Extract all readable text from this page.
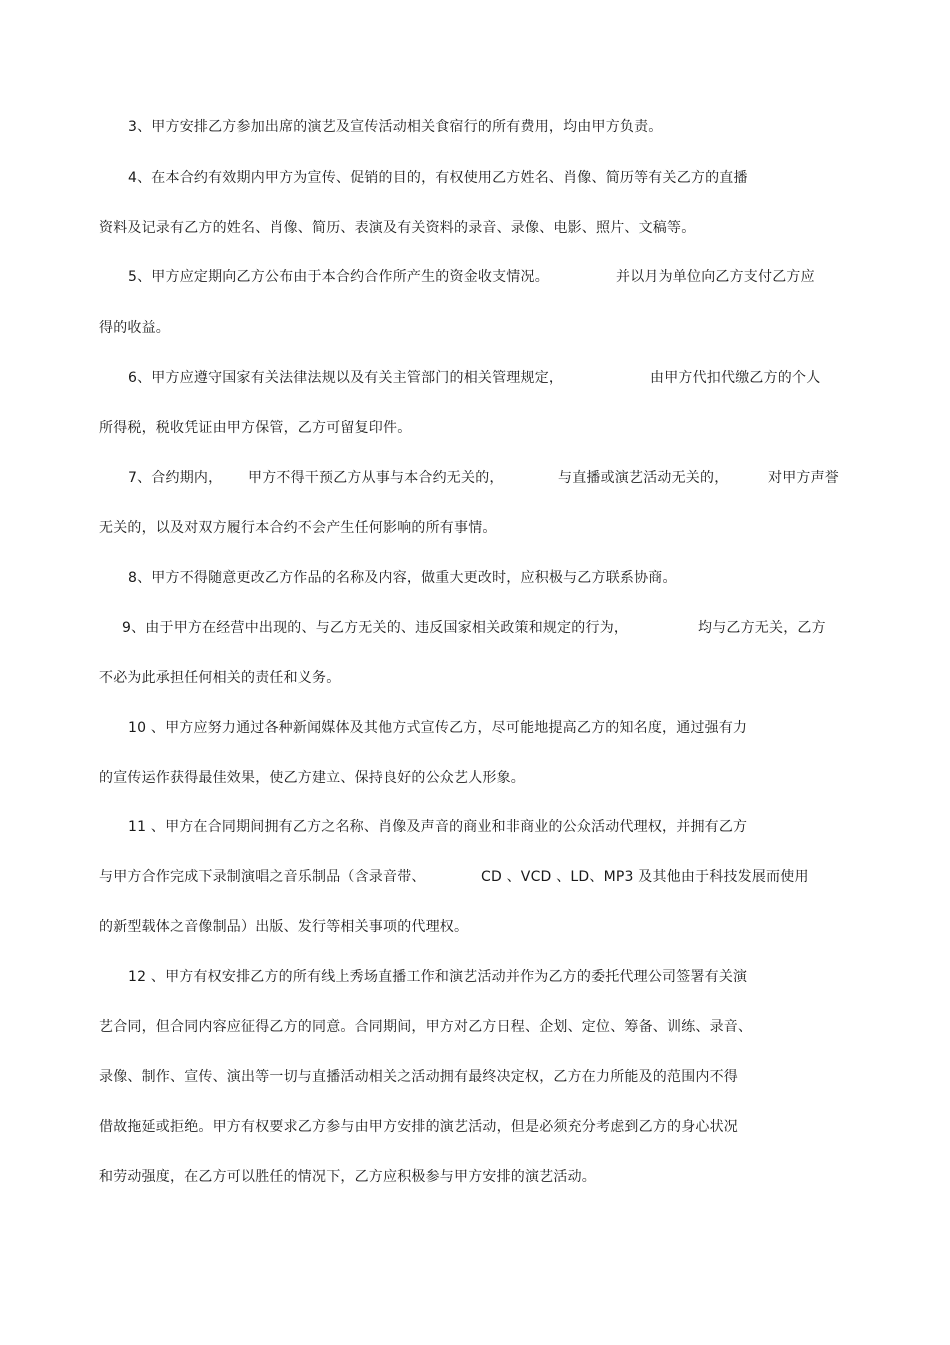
3、甲方安排乙方参加出席的演艺及宣传活动相关食宿行的所有费用，均由甲方负责。
4、在本合约有效期内甲方为宣传、促销的目的，有权使用乙方姓名、肖像、简历等有关乙方的直播
资料及记录有乙方的姓名、肖像、简历、表演及有关资料的录音、录像、电影、照片、文稿等。
5、甲方应定期向乙方公布由于本合约合作所产生的资金收支情况。	并以月为单位向乙方支付乙方应
得的收益。
6、甲方应遵守国家有关法律法规以及有关主管部门的相关管理规定，	由甲方代扣代缴乙方的个人
所得税，税收凭证由甲方保管，乙方可留复印件。
7、合约期内， 甲方不得干预乙方从事与本合约无关的，	与直播或演艺活动无关的，	对甲方声誉
无关的，以及对双方履行本合约不会产生任何影响的所有事情。
8、甲方不得随意更改乙方作品的名称及内容，做重大更改时，应积极与乙方联系协商。
9、由于甲方在经营中出现的、与乙方无关的、违反国家相关政策和规定的行为，	均与乙方无关，乙方
不必为此承担任何相关的责任和义务。
10 、甲方应努力通过各种新闻媒体及其他方式宣传乙方，尽可能地提高乙方的知名度，通过强有力
的宣传运作获得最佳效果，使乙方建立、保持良好的公众艺人形象。
11 、甲方在合同期间拥有乙方之名称、肖像及声音的商业和非商业的公众活动代理权，并拥有乙方
与甲方合作完成下录制演唱之音乐制品（含录音带、	CD 、VCD 、LD、MP3 及其他由于科技发展而使用
的新型载体之音像制品）出版、发行等相关事项的代理权。
12 、甲方有权安排乙方的所有线上秀场直播工作和演艺活动并作为乙方的委托代理公司签署有关演
艺合同，但合同内容应征得乙方的同意。合同期间，甲方对乙方日程、企划、定位、筹备、训练、录音、
录像、制作、宣传、演出等一切与直播活动相关之活动拥有最终决定权，乙方在力所能及的范围内不得
借故拖延或拒绝。甲方有权要求乙方参与由甲方安排的演艺活动，但是必须充分考虑到乙方的身心状况
和劳动强度，在乙方可以胜任的情况下，乙方应积极参与甲方安排的演艺活动。
